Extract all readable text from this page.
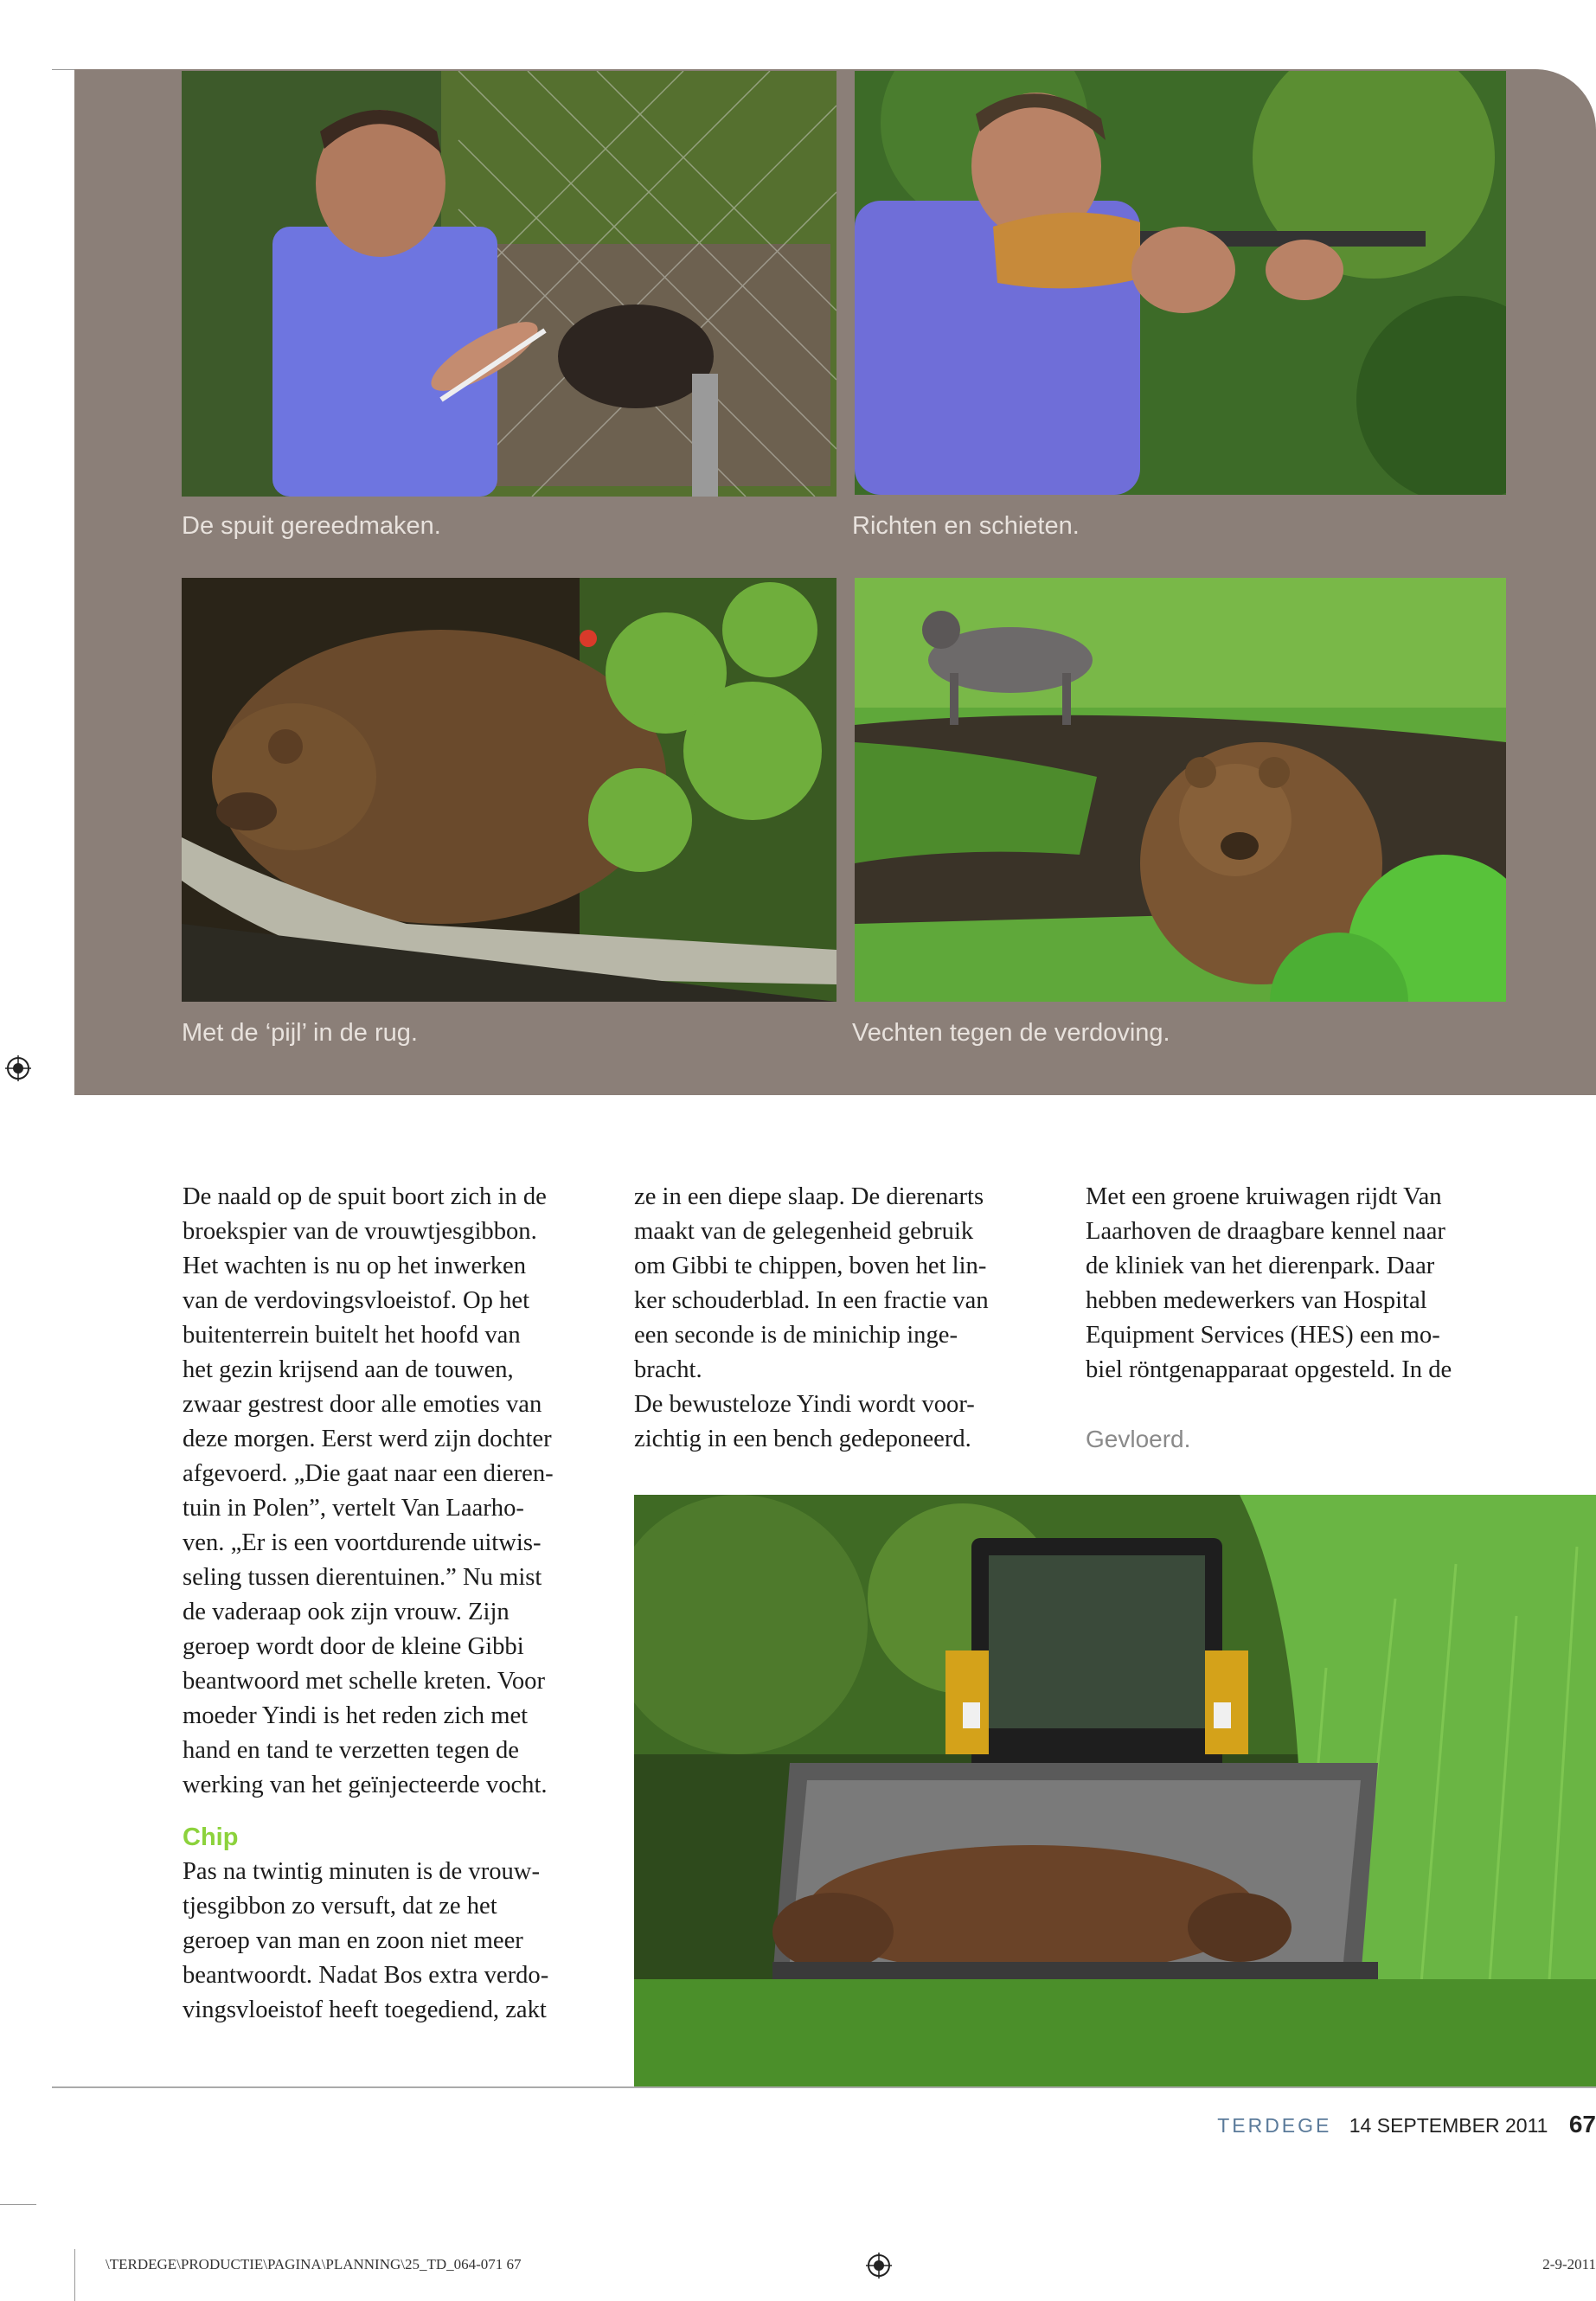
De spuit gereedmaken.	Richten en schieten.
Met de ‘pijl’ in de rug.	Vechten tegen de verdoving.
De naald op de spuit boort zich in de
broekspier van de vrouwtjesgibbon.
Het wachten is nu op het inwerken
van de verdovingsvloeistof. Op het
buitenterrein buitelt het hoofd van
het gezin krijsend aan de touwen,
zwaar gestrest door alle emoties van
deze morgen. Eerst werd zijn dochter
afgevoerd. „Die gaat naar een dieren-
tuin in Polen”, vertelt Van Laarho-
ven. „Er is een voortdurende uitwis-
seling tussen dierentuinen.” Nu mist
de vaderaap ook zijn vrouw. Zijn
geroep wordt door de kleine Gibbi
beantwoord met schelle kreten. Voor
moeder Yindi is het reden zich met
hand en tand te verzetten tegen de
werking van het geïnjecteerde vocht.
Chip
Pas na twintig minuten is de vrouw-
tjesgibbon zo versuft, dat ze het
geroep van man en zoon niet meer
beantwoordt. Nadat Bos extra verdo-
vingsvloeistof heeft toegediend, zakt
ze in een diepe slaap. De dierenarts
maakt van de gelegenheid gebruik
om Gibbi te chippen, boven het lin-
ker schouderblad. In een fractie van
een seconde is de minichip inge-
bracht.
De bewusteloze Yindi wordt voor-
zichtig in een bench gedeponeerd.
Met een groene kruiwagen rijdt Van
Laarhoven de draagbare kennel naar
de kliniek van het dierenpark. Daar
hebben medewerkers van Hospital
Equipment Services (HES) een mo-
biel röntgenapparaat opgesteld. In de
Gevloerd.
TERDEGE 14 SEPTEMBER 2011 67
\TERDEGE\PRODUCTIE\PAGINA\PLANNING\25_TD_064-071 67	2-9-2011
